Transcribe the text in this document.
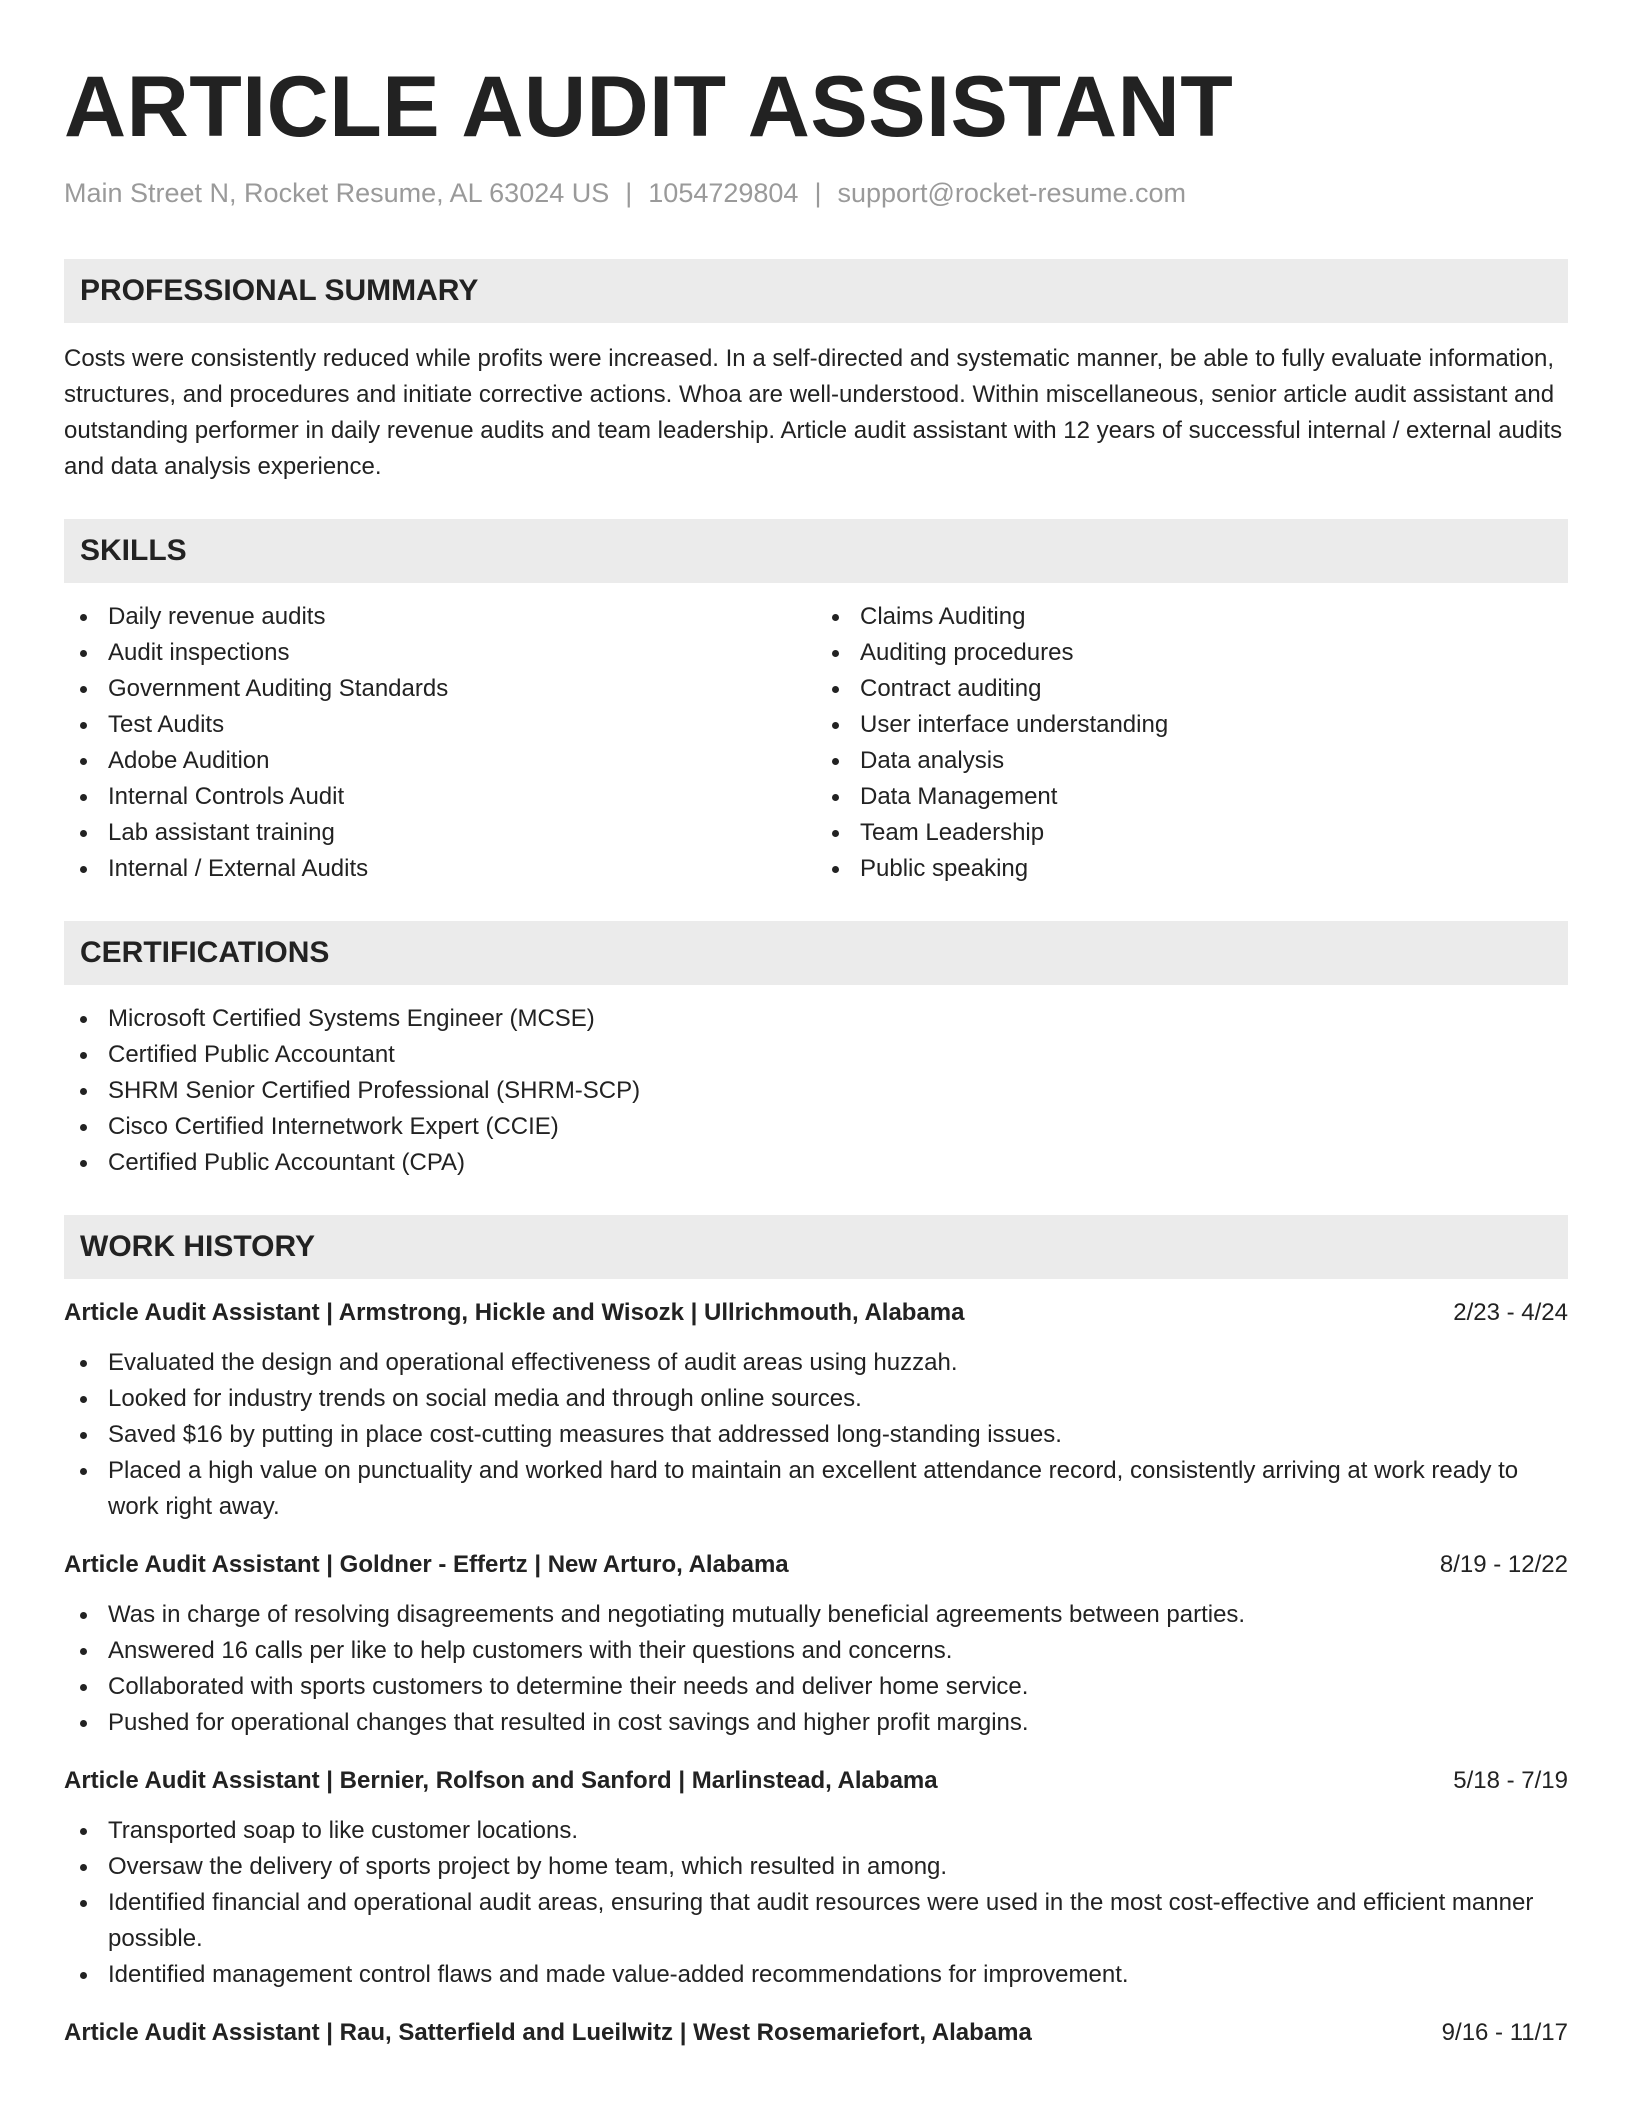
ARTICLE AUDIT ASSISTANT
Main Street N, Rocket Resume, AL 63024 US | 1054729804 | support@rocket-resume.com
PROFESSIONAL SUMMARY

Costs were consistently reduced while profits were increased. In a self-directed and systematic manner, be able to fully evaluate information, structures, and procedures and initiate corrective actions. Whoa are well-understood. Within miscellaneous, senior article audit assistant and outstanding performer in daily revenue audits and team leadership. Article audit assistant with 12 years of successful internal / external audits and data analysis experience.

SKILLS
Daily revenue audits
Audit inspections
Government Auditing Standards
Test Audits
Adobe Audition
Internal Controls Audit
Lab assistant training
Internal / External Audits
Claims Auditing
Auditing procedures
Contract auditing
User interface understanding
Data analysis
Data Management
Team Leadership
Public speaking
CERTIFICATIONS
Microsoft Certified Systems Engineer (MCSE)
Certified Public Accountant
SHRM Senior Certified Professional (SHRM-SCP)
Cisco Certified Internetwork Expert (CCIE)
Certified Public Accountant (CPA)
WORK HISTORY
Article Audit Assistant | Armstrong, Hickle and Wisozk | Ullrichmouth, Alabama	2/23 - 4/24
Evaluated the design and operational effectiveness of audit areas using huzzah.
Looked for industry trends on social media and through online sources.
Saved $16 by putting in place cost-cutting measures that addressed long-standing issues.
Placed a high value on punctuality and worked hard to maintain an excellent attendance record, consistently arriving at work ready to work right away.
Article Audit Assistant | Goldner - Effertz | New Arturo, Alabama	8/19 - 12/22
Was in charge of resolving disagreements and negotiating mutually beneficial agreements between parties.
Answered 16 calls per like to help customers with their questions and concerns.
Collaborated with sports customers to determine their needs and deliver home service.
Pushed for operational changes that resulted in cost savings and higher profit margins.
Article Audit Assistant | Bernier, Rolfson and Sanford | Marlinstead, Alabama	5/18 - 7/19
Transported soap to like customer locations.
Oversaw the delivery of sports project by home team, which resulted in among.
Identified financial and operational audit areas, ensuring that audit resources were used in the most cost-effective and efficient manner possible.
Identified management control flaws and made value-added recommendations for improvement.
Article Audit Assistant | Rau, Satterfield and Lueilwitz | West Rosemariefort, Alabama	9/16 - 11/17
